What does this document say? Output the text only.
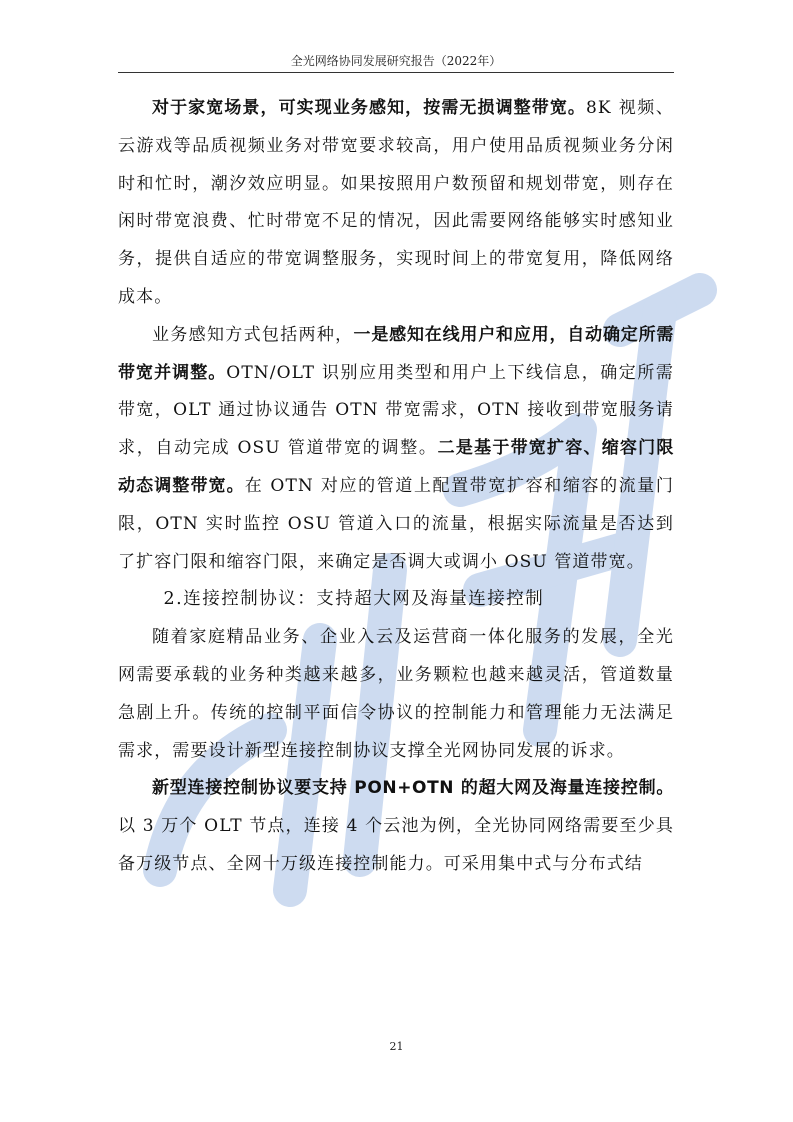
全光网络协同发展研究报告（2022年）

对于家宽场景，可实现业务感知，按需无损调整带宽。8K 视频、云游戏等品质视频业务对带宽要求较高，用户使用品质视频业务分闲时和忙时，潮汐效应明显。如果按照用户数预留和规划带宽，则存在闲时带宽浪费、忙时带宽不足的情况，因此需要网络能够实时感知业务，提供自适应的带宽调整服务，实现时间上的带宽复用，降低网络成本。

业务感知方式包括两种，一是感知在线用户和应用，自动确定所需带宽并调整。OTN/OLT 识别应用类型和用户上下线信息，确定所需带宽，OLT 通过协议通告 OTN 带宽需求，OTN 接收到带宽服务请求，自动完成 OSU 管道带宽的调整。二是基于带宽扩容、缩容门限动态调整带宽。在 OTN 对应的管道上配置带宽扩容和缩容的流量门限，OTN 实时监控 OSU 管道入口的流量，根据实际流量是否达到了扩容门限和缩容门限，来确定是否调大或调小 OSU 管道带宽。

2.连接控制协议：支持超大网及海量连接控制

随着家庭精品业务、企业入云及运营商一体化服务的发展，全光网需要承载的业务种类越来越多，业务颗粒也越来越灵活，管道数量急剧上升。传统的控制平面信令协议的控制能力和管理能力无法满足需求，需要设计新型连接控制协议支撑全光网协同发展的诉求。

新型连接控制协议要支持 PON+OTN 的超大网及海量连接控制。以 3 万个 OLT 节点，连接 4 个云池为例，全光协同网络需要至少具备万级节点、全网十万级连接控制能力。可采用集中式与分布式结

21
